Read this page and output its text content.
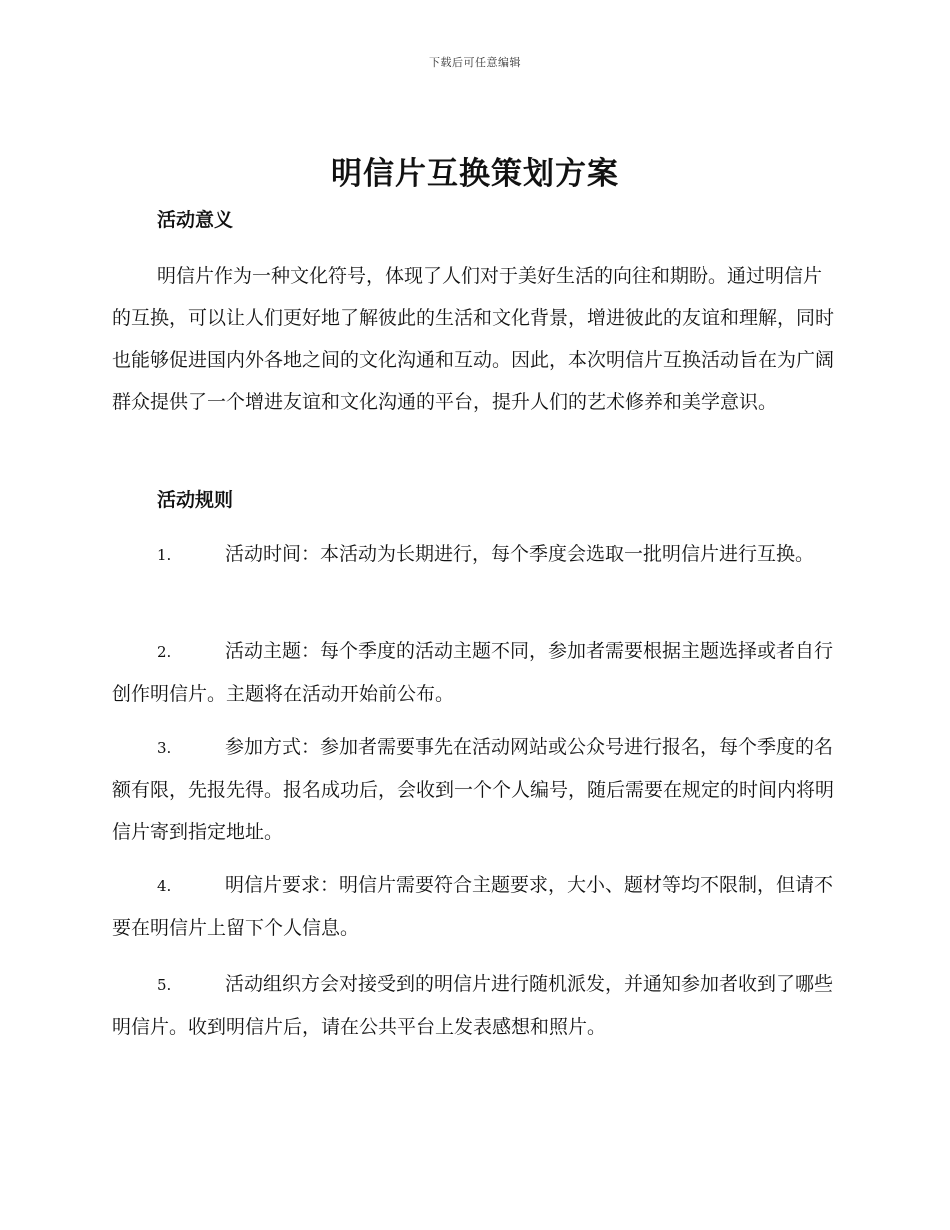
下载后可任意编辑
明信片互换策划方案
活动意义

明信片作为一种文化符号，体现了人们对于美好生活的向往和期盼。通过明信片的互换，可以让人们更好地了解彼此的生活和文化背景，增进彼此的友谊和理解，同时也能够促进国内外各地之间的文化沟通和互动。因此，本次明信片互换活动旨在为广阔群众提供了一个增进友谊和文化沟通的平台，提升人们的艺术修养和美学意识。

活动规则

1.	活动时间：本活动为长期进行，每个季度会选取一批明信片进行互换。

2.	活动主题：每个季度的活动主题不同，参加者需要根据主题选择或者自行创作明信片。主题将在活动开始前公布。

3.	参加方式：参加者需要事先在活动网站或公众号进行报名，每个季度的名额有限，先报先得。报名成功后，会收到一个个人编号，随后需要在规定的时间内将明信片寄到指定地址。

4.	明信片要求：明信片需要符合主题要求，大小、题材等均不限制，但请不要在明信片上留下个人信息。

5.	活动组织方会对接受到的明信片进行随机派发，并通知参加者收到了哪些明信片。收到明信片后，请在公共平台上发表感想和照片。
